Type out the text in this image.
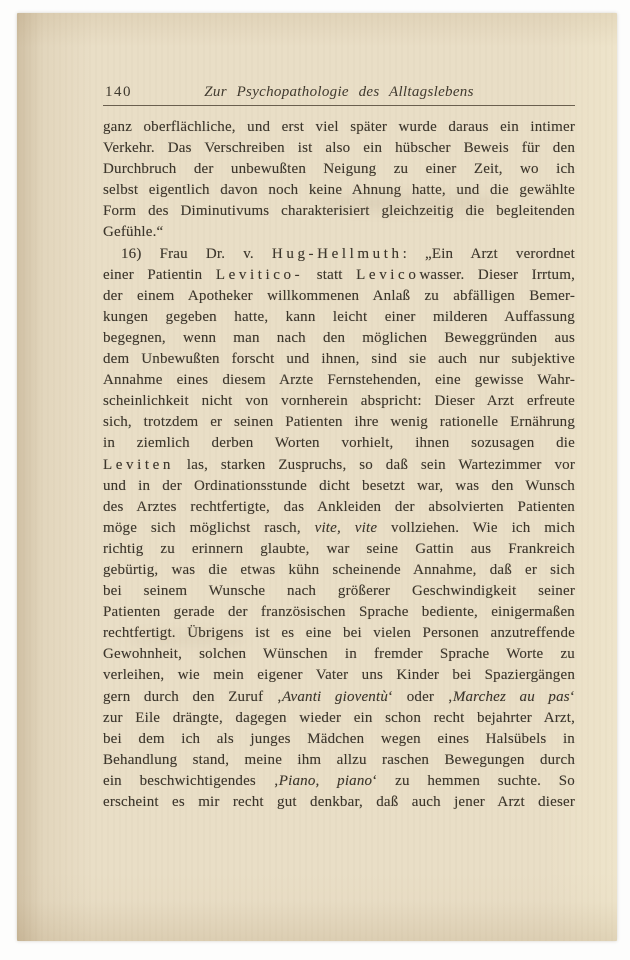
140	Zur Psychopathologie des Alltagslebens
ganz oberflächliche, und erst viel später wurde daraus ein intimer
Verkehr. Das Verschreiben ist also ein hübscher Beweis für den
Durchbruch der unbewußten Neigung zu einer Zeit, wo ich
selbst eigentlich davon noch keine Ahnung hatte, und die gewählte
Form des Diminutivums charakterisiert gleichzeitig die begleitenden
Gefühle.“
16) Frau Dr. v. Hug-Hellmuth: „Ein Arzt verordnet
einer Patientin Levitico- statt Levicowasser. Dieser Irrtum,
der einem Apotheker willkommenen Anlaß zu abfälligen Bemer-
kungen gegeben hatte, kann leicht einer milderen Auffassung
begegnen, wenn man nach den möglichen Beweggründen aus
dem Unbewußten forscht und ihnen, sind sie auch nur subjektive
Annahme eines diesem Arzte Fernstehenden, eine gewisse Wahr-
scheinlichkeit nicht von vornherein abspricht: Dieser Arzt erfreute
sich, trotzdem er seinen Patienten ihre wenig rationelle Ernährung
in ziemlich derben Worten vorhielt, ihnen sozusagen die
Leviten las, starken Zuspruchs, so daß sein Wartezimmer vor
und in der Ordinationsstunde dicht besetzt war, was den Wunsch
des Arztes rechtfertigte, das Ankleiden der absolvierten Patienten
möge sich möglichst rasch, vite, vite vollziehen. Wie ich mich
richtig zu erinnern glaubte, war seine Gattin aus Frankreich
gebürtig, was die etwas kühn scheinende Annahme, daß er sich
bei seinem Wunsche nach größerer Geschwindigkeit seiner
Patienten gerade der französischen Sprache bediente, einigermaßen
rechtfertigt. Übrigens ist es eine bei vielen Personen anzutreffende
Gewohnheit, solchen Wünschen in fremder Sprache Worte zu
verleihen, wie mein eigener Vater uns Kinder bei Spaziergängen
gern durch den Zuruf ‚Avanti gioventù‘ oder ‚Marchez au pas‘
zur Eile drängte, dagegen wieder ein schon recht bejahrter Arzt,
bei dem ich als junges Mädchen wegen eines Halsübels in
Behandlung stand, meine ihm allzu raschen Bewegungen durch
ein beschwichtigendes ‚Piano, piano‘ zu hemmen suchte. So
erscheint es mir recht gut denkbar, daß auch jener Arzt dieser
